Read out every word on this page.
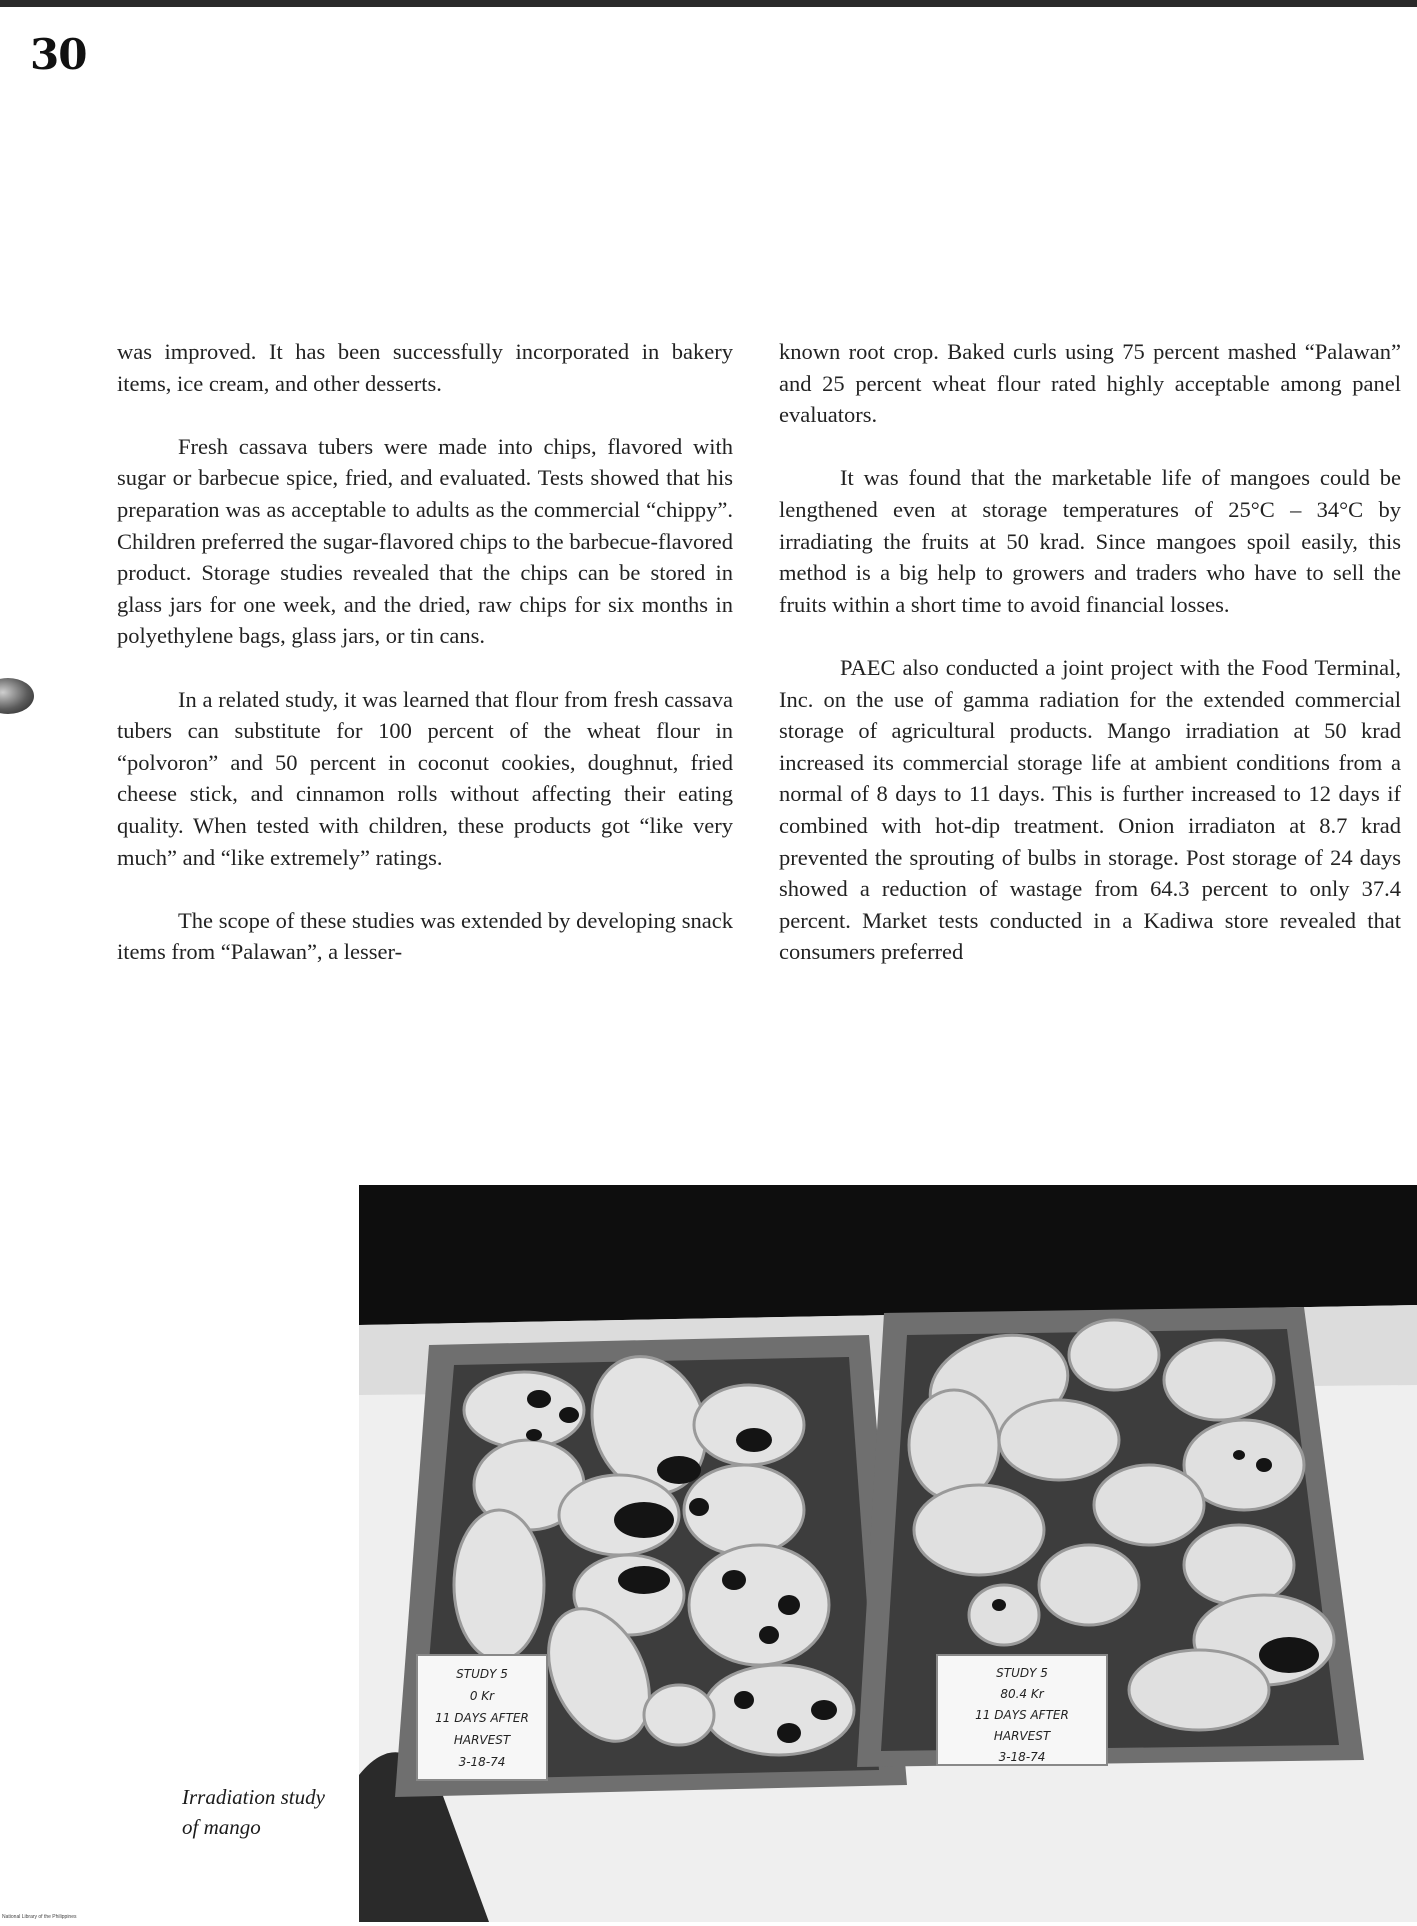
30

was improved. It has been successfully incorporated in bakery items, ice cream, and other desserts.

Fresh cassava tubers were made into chips, flavored with sugar or barbecue spice, fried, and evaluated. Tests showed that his preparation was as acceptable to adults as the commercial “chippy”. Children preferred the sugar-flavored chips to the barbecue-flavored product. Storage studies revealed that the chips can be stored in glass jars for one week, and the dried, raw chips for six months in polyethylene bags, glass jars, or tin cans.

In a related study, it was learned that flour from fresh cassava tubers can substitute for 100 percent of the wheat flour in “polvoron” and 50 percent in coconut cookies, doughnut, fried cheese stick, and cinnamon rolls without affecting their eating quality. When tested with children, these products got “like very much” and “like extremely” ratings.

The scope of these studies was extended by developing snack items from “Palawan”, a lesser-

known root crop. Baked curls using 75 percent mashed “Palawan” and 25 percent wheat flour rated highly acceptable among panel evaluators.

It was found that the marketable life of mangoes could be lengthened even at storage temperatures of 25°C – 34°C by irradiating the fruits at 50 krad. Since mangoes spoil easily, this method is a big help to growers and traders who have to sell the fruits within a short time to avoid financial losses.

PAEC also conducted a joint project with the Food Terminal, Inc. on the use of gamma radiation for the extended commercial storage of agricultural products. Mango irradiation at 50 krad increased its commercial storage life at ambient conditions from a normal of 8 days to 11 days. This is further increased to 12 days if combined with hot-dip treatment. Onion irradiaton at 8.7 krad prevented the sprouting of bulbs in storage. Post storage of 24 days showed a reduction of wastage from 64.3 percent to only 37.4 percent. Market tests conducted in a Kadiwa store revealed that consumers preferred

STUDY 5
0 Kr
11 DAYS AFTER
HARVEST
3-18-74
STUDY 5
80.4 Kr
11 DAYS AFTER
HARVEST
3-18-74

Irradiation study
of mango

National Library of the Philippines
